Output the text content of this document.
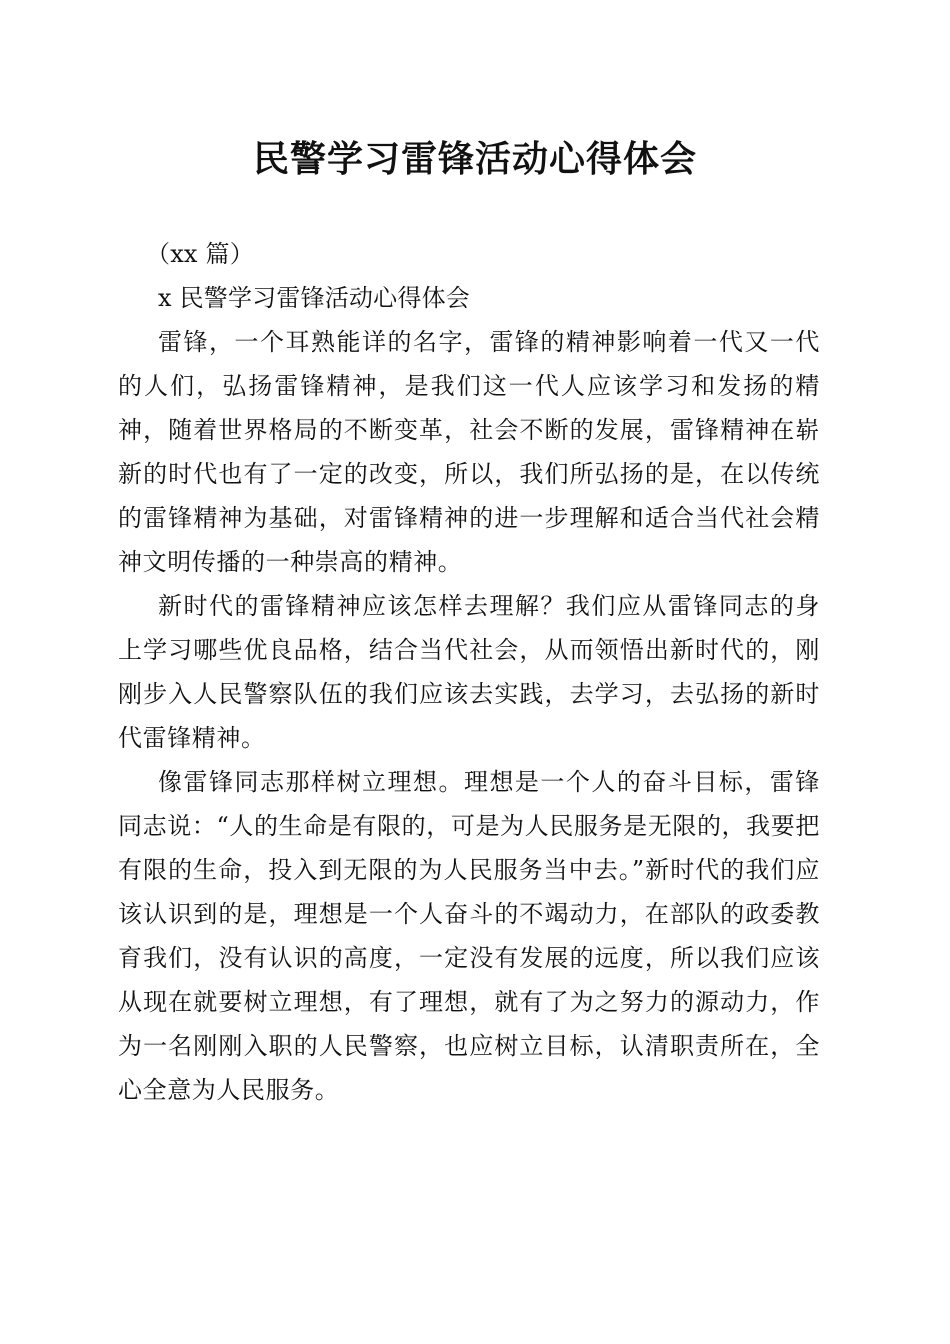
民警学习雷锋活动心得体会

（xx 篇）

x 民警学习雷锋活动心得体会

雷锋，一个耳熟能详的名字，雷锋的精神影响着一代又一代的人们，弘扬雷锋精神，是我们这一代人应该学习和发扬的精神，随着世界格局的不断变革，社会不断的发展，雷锋精神在崭新的时代也有了一定的改变，所以，我们所弘扬的是，在以传统的雷锋精神为基础，对雷锋精神的进一步理解和适合当代社会精神文明传播的一种崇高的精神。

新时代的雷锋精神应该怎样去理解？我们应从雷锋同志的身上学习哪些优良品格，结合当代社会，从而领悟出新时代的，刚刚步入人民警察队伍的我们应该去实践，去学习，去弘扬的新时代雷锋精神。

像雷锋同志那样树立理想。理想是一个人的奋斗目标，雷锋同志说：“人的生命是有限的，可是为人民服务是无限的，我要把有限的生命，投入到无限的为人民服务当中去。”新时代的我们应该认识到的是，理想是一个人奋斗的不竭动力，在部队的政委教育我们，没有认识的高度，一定没有发展的远度，所以我们应该从现在就要树立理想，有了理想，就有了为之努力的源动力，作为一名刚刚入职的人民警察，也应树立目标，认清职责所在，全心全意为人民服务。
